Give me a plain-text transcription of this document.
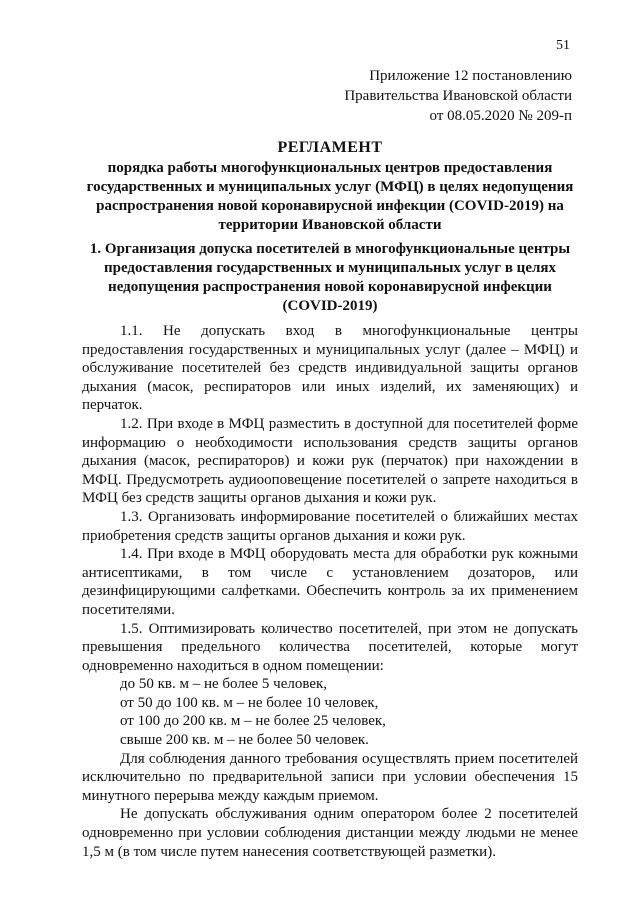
51
Приложение 12 постановлению
Правительства Ивановской области
от 08.05.2020 № 209-п
РЕГЛАМЕНТ
порядка работы многофункциональных центров предоставления государственных и муниципальных услуг (МФЦ) в целях недопущения распространения новой коронавирусной инфекции (COVID-2019) на территории Ивановской области
1. Организация допуска посетителей в многофункциональные центры предоставления государственных и муниципальных услуг в целях недопущения распространения новой коронавирусной инфекции (COVID-2019)

1.1. Не допускать вход в многофункциональные центры предоставления государственных и муниципальных услуг (далее – МФЦ) и обслуживание посетителей без средств индивидуальной защиты органов дыхания (масок, респираторов или иных изделий, их заменяющих) и перчаток.

1.2. При входе в МФЦ разместить в доступной для посетителей форме информацию о необходимости использования средств защиты органов дыхания (масок, респираторов) и кожи рук (перчаток) при нахождении в МФЦ. Предусмотреть аудиооповещение посетителей о запрете находиться в МФЦ без средств защиты органов дыхания и кожи рук.

1.3. Организовать информирование посетителей о ближайших местах приобретения средств защиты органов дыхания и кожи рук.

1.4. При входе в МФЦ оборудовать места для обработки рук кожными антисептиками, в том числе с установлением дозаторов, или дезинфицирующими салфетками. Обеспечить контроль за их применением посетителями.

1.5. Оптимизировать количество посетителей, при этом не допускать превышения предельного количества посетителей, которые могут одновременно находиться в одном помещении:

до 50 кв. м – не более 5 человек,

от 50 до 100 кв. м – не более 10 человек,

от 100 до 200 кв. м – не более 25 человек,

свыше 200 кв. м – не более 50 человек.

Для соблюдения данного требования осуществлять прием посетителей исключительно по предварительной записи при условии обеспечения 15 минутного перерыва между каждым приемом.

Не допускать обслуживания одним оператором более 2 посетителей одновременно при условии соблюдения дистанции между людьми не менее 1,5 м (в том числе путем нанесения соответствующей разметки).
